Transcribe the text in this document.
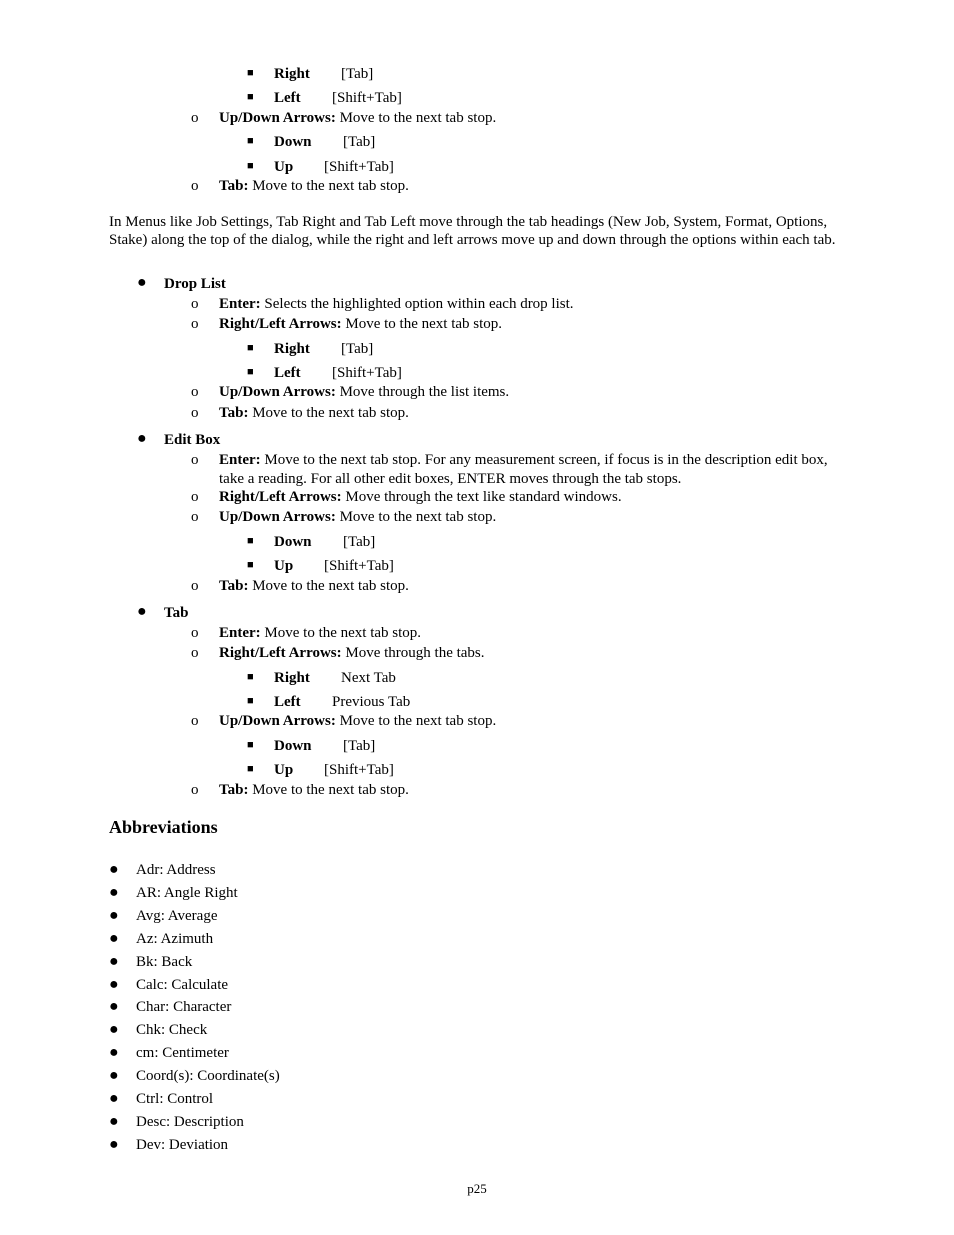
■ Right [Tab]
■ Left [Shift+Tab]
o Up/Down Arrows: Move to the next tab stop.
■ Down [Tab]
■ Up [Shift+Tab]
o Tab: Move to the next tab stop.
In Menus like Job Settings, Tab Right and Tab Left move through the tab headings (New Job, System, Format, Options, Stake) along the top of the dialog, while the right and left arrows move up and down through the options within each tab.
● Drop List
o Enter: Selects the highlighted option within each drop list.
o Right/Left Arrows: Move to the next tab stop.
■ Right [Tab]
■ Left [Shift+Tab]
o Up/Down Arrows: Move through the list items.
o Tab: Move to the next tab stop.
● Edit Box
o Enter: Move to the next tab stop. For any measurement screen, if focus is in the description edit box,
take a reading. For all other edit boxes, ENTER moves through the tab stops.
o Right/Left Arrows: Move through the text like standard windows.
o Up/Down Arrows: Move to the next tab stop.
■ Down [Tab]
■ Up [Shift+Tab]
o Tab: Move to the next tab stop.
● Tab
o Enter: Move to the next tab stop.
o Right/Left Arrows: Move through the tabs.
■ Right Next Tab
■ Left Previous Tab
o Up/Down Arrows: Move to the next tab stop.
■ Down [Tab]
■ Up [Shift+Tab]
o Tab: Move to the next tab stop.
Abbreviations
● Adr: Address
● AR: Angle Right
● Avg: Average
● Az: Azimuth
● Bk: Back
● Calc: Calculate
● Char: Character
● Chk: Check
● cm: Centimeter
● Coord(s): Coordinate(s)
● Ctrl: Control
● Desc: Description
● Dev: Deviation
p25
